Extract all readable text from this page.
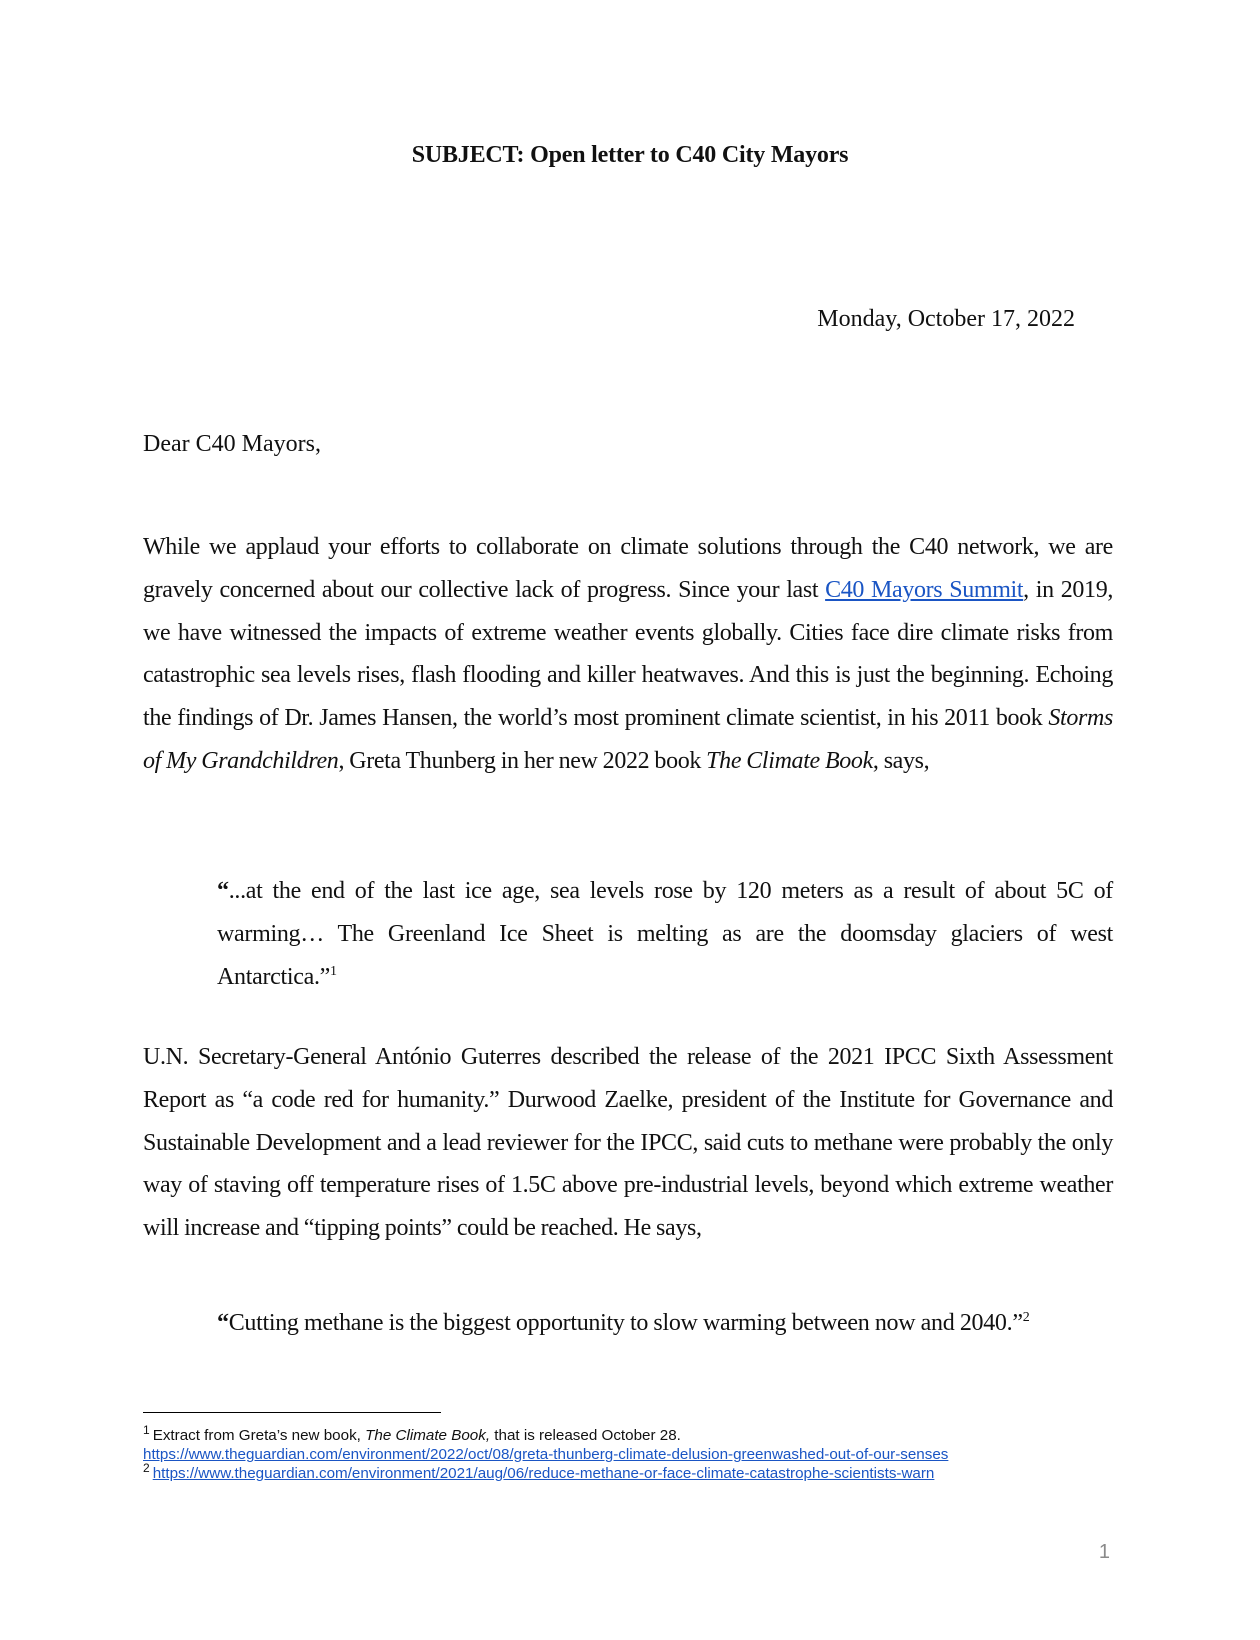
SUBJECT: Open letter to C40 City Mayors
Monday, October 17, 2022
Dear C40 Mayors,
While we applaud your efforts to collaborate on climate solutions through the C40 network, we are gravely concerned about our collective lack of progress. Since your last C40 Mayors Summit, in 2019, we have witnessed the impacts of extreme weather events globally. Cities face dire climate risks from catastrophic sea levels rises, flash flooding and killer heatwaves. And this is just the beginning. Echoing the findings of Dr. James Hansen, the world’s most prominent climate scientist, in his 2011 book Storms of My Grandchildren, Greta Thunberg in her new 2022 book The Climate Book, says,
“...at the end of the last ice age, sea levels rose by 120 meters as a result of about 5C of warming… The Greenland Ice Sheet is melting as are the doomsday glaciers of west Antarctica.”$^1$
U.N. Secretary-General António Guterres described the release of the 2021 IPCC Sixth Assessment Report as “a code red for humanity.” Durwood Zaelke, president of the Institute for Governance and Sustainable Development and a lead reviewer for the IPCC, said cuts to methane were probably the only way of staving off temperature rises of 1.5C above pre-industrial levels, beyond which extreme weather will increase and “tipping points” could be reached. He says,
“Cutting methane is the biggest opportunity to slow warming between now and 2040.”$^2$
$^1$ Extract from Greta’s new book, The Climate Book, that is released October 28.
https://www.theguardian.com/environment/2022/oct/08/greta-thunberg-climate-delusion-greenwashed-out-of-our-senses
$^2$ https://www.theguardian.com/environment/2021/aug/06/reduce-methane-or-face-climate-catastrophe-scientists-warn
1
